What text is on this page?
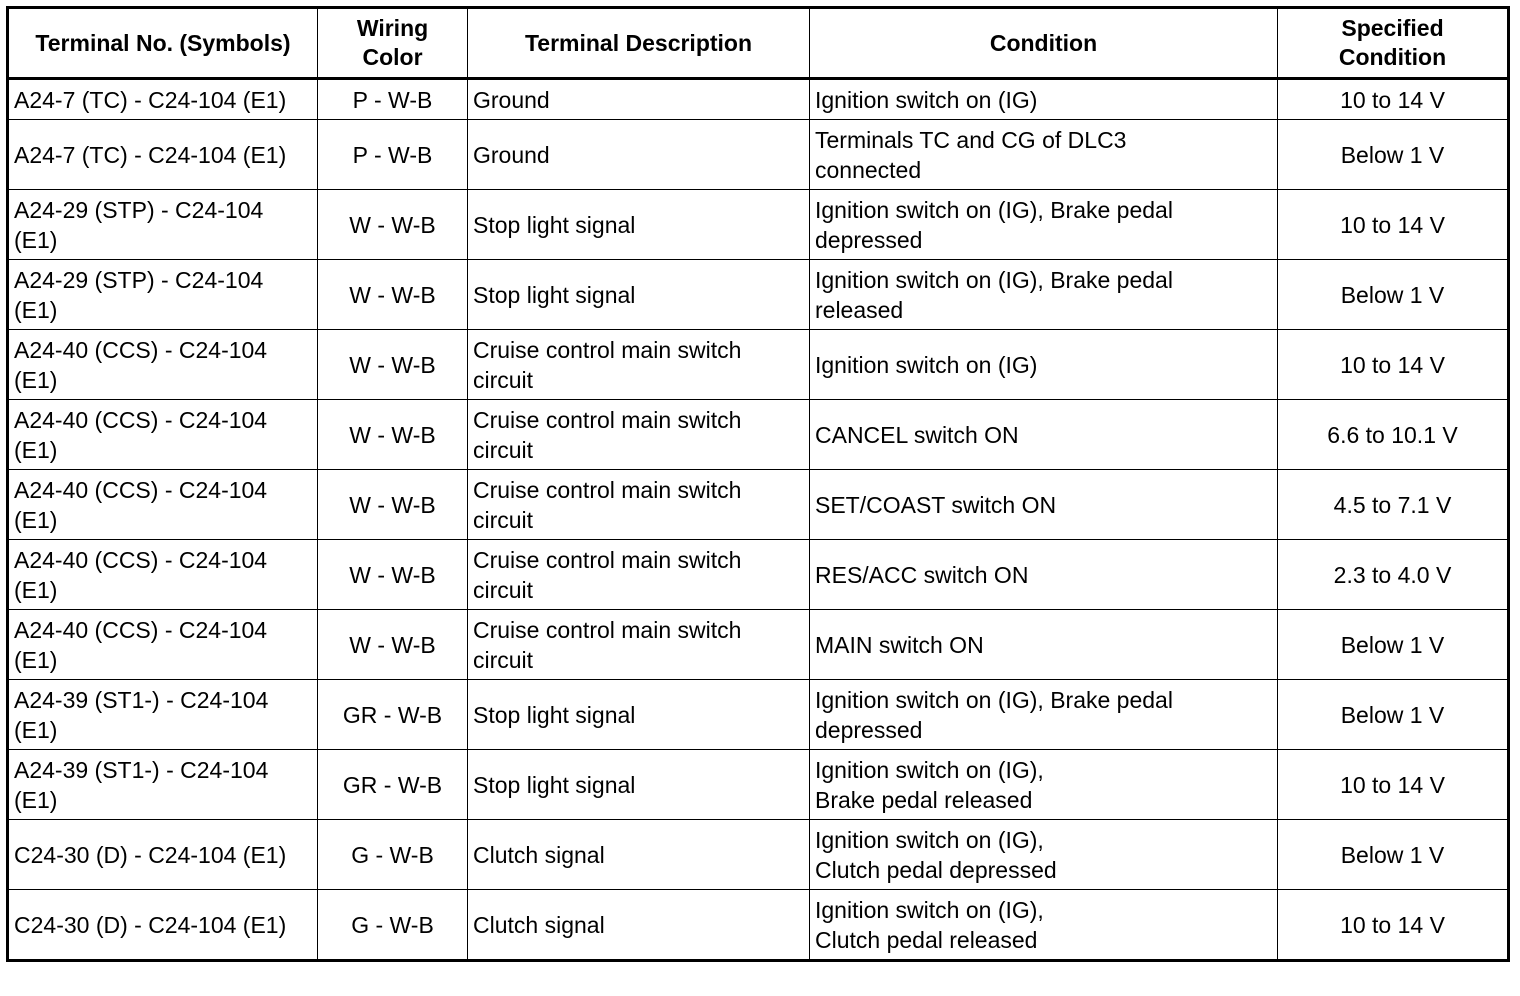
Terminal No. (Symbols)	Wiring
Color	Terminal Description	Condition	Specified
Condition
A24-7 (TC) - C24-104 (E1)	P - W-B	Ground	Ignition switch on (IG)	10 to 14 V
A24-7 (TC) - C24-104 (E1)	P - W-B	Ground	Terminals TC and CG of DLC3
connected	Below 1 V
A24-29 (STP) - C24-104
(E1)	W - W-B	Stop light signal	Ignition switch on (IG), Brake pedal
depressed	10 to 14 V
A24-29 (STP) - C24-104
(E1)	W - W-B	Stop light signal	Ignition switch on (IG), Brake pedal
released	Below 1 V
A24-40 (CCS) - C24-104
(E1)	W - W-B	Cruise control main switch
circuit	Ignition switch on (IG)	10 to 14 V
A24-40 (CCS) - C24-104
(E1)	W - W-B	Cruise control main switch
circuit	CANCEL switch ON	6.6 to 10.1 V
A24-40 (CCS) - C24-104
(E1)	W - W-B	Cruise control main switch
circuit	SET/COAST switch ON	4.5 to 7.1 V
A24-40 (CCS) - C24-104
(E1)	W - W-B	Cruise control main switch
circuit	RES/ACC switch ON	2.3 to 4.0 V
A24-40 (CCS) - C24-104
(E1)	W - W-B	Cruise control main switch
circuit	MAIN switch ON	Below 1 V
A24-39 (ST1-) - C24-104
(E1)	GR - W-B	Stop light signal	Ignition switch on (IG), Brake pedal
depressed	Below 1 V
A24-39 (ST1-) - C24-104
(E1)	GR - W-B	Stop light signal	Ignition switch on (IG),
Brake pedal released	10 to 14 V
C24-30 (D) - C24-104 (E1)	G - W-B	Clutch signal	Ignition switch on (IG),
Clutch pedal depressed	Below 1 V
C24-30 (D) - C24-104 (E1)	G - W-B	Clutch signal	Ignition switch on (IG),
Clutch pedal released	10 to 14 V
